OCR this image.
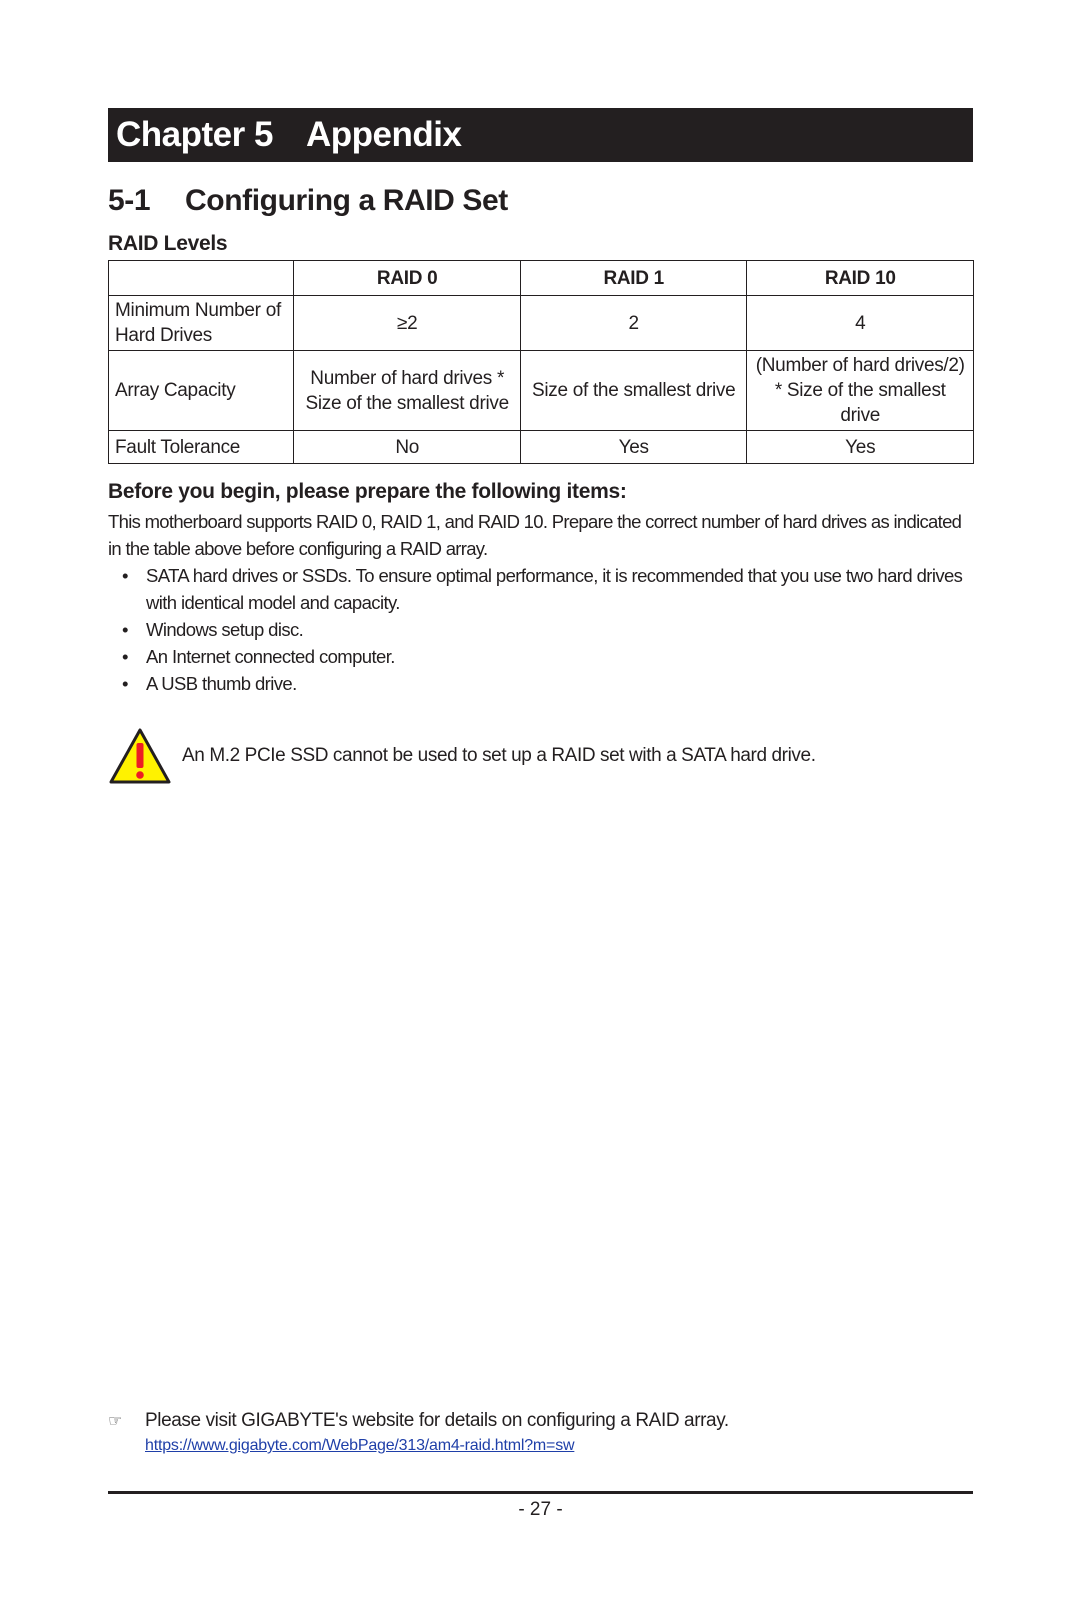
Chapter 5 Appendix
5-1	Configuring a RAID Set
RAID Levels
	RAID 0	RAID 1	RAID 10
Minimum Number of Hard Drives	≥2	2	4
Array Capacity	Number of hard drives * Size of the smallest drive	Size of the smallest drive	(Number of hard drives/2) * Size of the smallest drive
Fault Tolerance	No	Yes	Yes
Before you begin, please prepare the following items:
This motherboard supports RAID 0, RAID 1, and RAID 10. Prepare the correct number of hard drives as indicated in the table above before configuring a RAID array.
• SATA hard drives or SSDs. To ensure optimal performance, it is recommended that you use two hard drives with identical model and capacity.
• Windows setup disc.
• An Internet connected computer.
• A USB thumb drive.
An M.2 PCIe SSD cannot be used to set up a RAID set with a SATA hard drive.
☞	Please visit GIGABYTE's website for details on configuring a RAID array.
https://www.gigabyte.com/WebPage/313/am4-raid.html?m=sw
- 27 -
